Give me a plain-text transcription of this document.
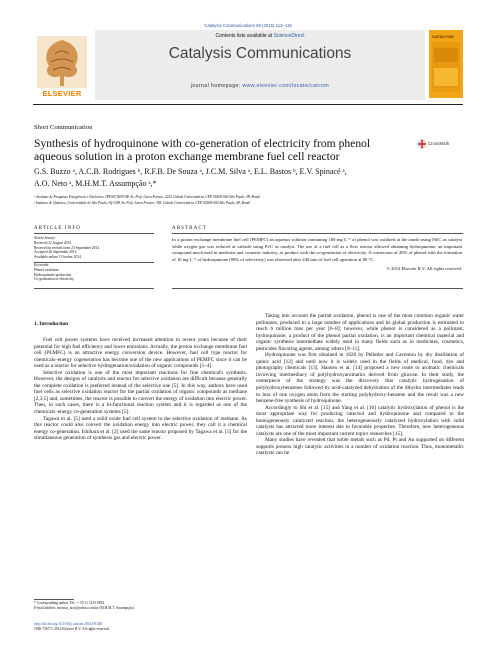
Catalysis Communications 59 (2015) 113–115
ELSEVIER
Contents lists available at ScienceDirect
Catalysis Communications
journal homepage: www.elsevier.com/locate/catcom
CATALYSIS
Short Communication
Synthesis of hydroquinone with co-generation of electricity from phenol aqueous solution in a proton exchange membrane fuel cell reactor
CrossMark
G.S. Buzzo ᵃ, A.C.B. Rodrigues ᵇ, R.F.B. De Souza ᵃ, J.C.M. Silva ᵃ, E.L. Bastos ᵇ, E.V. Spinacé ᵃ,
A.O. Neto ᵃ, M.H.M.T. Assumpção ᵃ,*
ᵃ Instituto de Pesquisas Energéticas e Nucleares, IPEN/CNEN-SP, Av. Prof. Lineu Prestes, 2242 Cidade Universitária, CEP 05508-900 São Paulo, SP, Brazil
ᵇ Instituto de Química, Universidade de São Paulo, IQ-USP, Av. Prof. Lineu Prestes, 748, Cidade Universitária, CEP 05508-000 São Paulo, SP, Brazil
ARTICLE INFO
Article history:
Received 21 August 2014
Received in revised form 23 September 2014
Accepted 26 September 2014
Available online 5 October 2014
Keywords:
Phenol oxidation
Hydroquinone production
Co-generation of electricity
ABSTRACT
In a proton exchange membrane fuel cell (PEMFC) an aqueous solution containing 100 mg L⁻¹ of phenol was oxidized at the anode using Pd/C as catalyst while oxygen gas was reduced at cathode using Pt/C as catalyst. The use of a fuel cell as a flow reactor allowed obtaining hydroquinone, an important compound much used in medicine and cosmetic industry, as product with the co-generation of electricity. A conversion of 20% of phenol with the formation of 16 mg L⁻¹ of hydroquinone (80% of selectivity) was observed after 240 min of fuel cell operation at 80 °C.
© 2014 Elsevier B.V. All rights reserved.
1. Introduction

Fuel cell power systems have received increased attention in recent years because of their potential for high fuel efficiency and lower emissions. Actually, the proton exchange membrane fuel cell (PEMFC) is an attractive energy conversion device. However, fuel cell type reactor for chemicals–energy cogeneration has become one of the new applications of PEMFC since it can be used as a reactor for selective hydrogenation/oxidation of organic compounds [1–4].

Selective oxidation is one of the most important reactions for fine chemical's synthesis. However, the designs of catalysts and reactor for selective oxidation are difficult because generally the complete oxidation is preferred instead of the selective one [5]. In this way, authors have used fuel cells as selective oxidation reactor for the partial oxidation of organic compounds as methane [2,3,5] and, sometimes, the reactor is possible to convert the energy of oxidation into electric power. Then, in such cases, there is a bi-functional reaction system and it is regarded as one of the chemicals–energy co-generation systems [5].

Tagawa et al. [5] used a solid oxide fuel cell system to the selective oxidation of methane. As this reactor could also convert the oxidation energy into electric power, they call it a chemical energy co-generation. Ishihara et al. [2] used the same reactor proposed by Tagawa et al. [5] for the simultaneous generation of synthesis gas and electric power.

Taking into account the partial oxidation, phenol is one of the most common organic water pollutants, produced in a large number of applications and its global production is estimated to reach 6 million tons per year [6–8]; however, while phenol is considered as a pollutant, hydroquinone, a product of the phenol partial oxidation, is an important chemical material and organic synthesis intermediate widely used in many fields such as in medicines, cosmetics, pesticides flavoring agents, among others [9–11].

Hydroquinone was first obtained in 1820 by Pelletier and Caventou by dry distillation of quinic acid [12] and until now it is widely used in the fields of medical, food, dye and photography chemicals [13]. Hansen et al. [14] proposed a new route to aromatic chemicals involving intermediacy of polyhydroxyaromatics derived from glucose. In their study, the centerpiece of the strategy was the discovery that catalytic hydrogenation of polyhydroxybenzenes followed by acid-catalyzed dehydration of the dihydro intermediates leads to loss of one oxygen atom from the starting polyhydroxy-benzene and the result was a new benzene-free synthesis of hydroquinone.

Accordingly to Shi et al. [15] and Yang et al. [16] catalytic hydroxylation of phenol is the most appropriate way for producing catechol and hydroquinone and compared to the homogeneously catalyzed reaction, the heterogeneously catalyzed hydroxylation with solid catalysts has attracted more interest due to favorable properties. Therefore, new heterogeneous catalysts are one of the most important current topics researches [15].

Many studies have revealed that noble metals such as Pd, Pt and Au supported on different supports possess high catalytic activities in a number of oxidation reaction. Thus, monometallic catalysts can be

* Corresponding author. Tel.: + 55 11 3133 9284.
E-mail address: monica_ucrt@yahoo.com.br (M.H.M.T. Assumpção).
http://dx.doi.org/10.1016/j.catcom.2014.09.048
1566-7367/© 2014 Elsevier B.V. All rights reserved.
